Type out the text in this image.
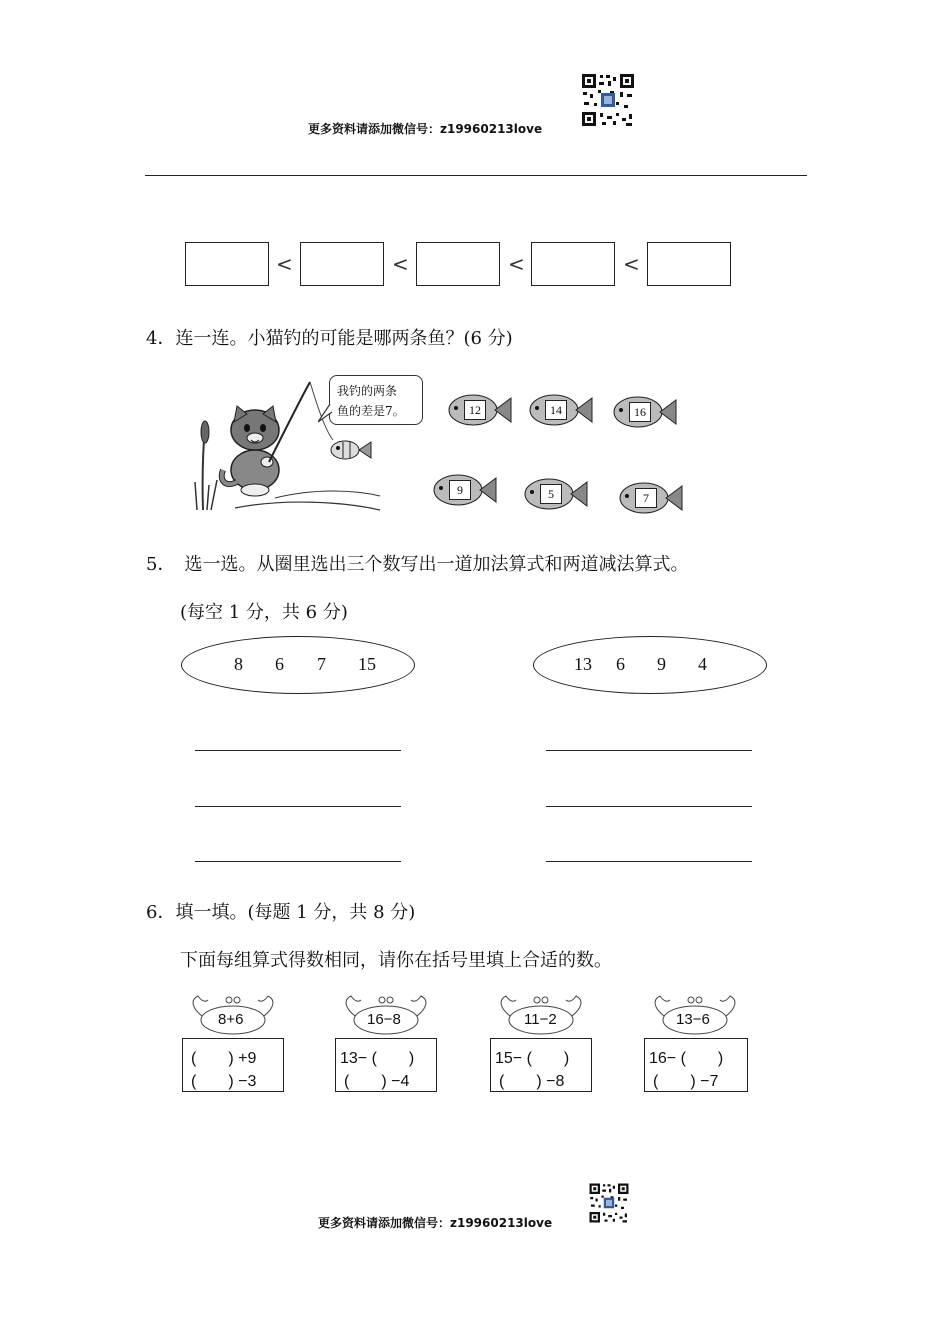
更多资料请添加微信号：z19960213love
<	<	<	<
4．连一连。小猫钓的可能是哪两条鱼？(6 分)
我钓的两条
鱼的差是7。	12	14	16
9	5	7
5．　选一选。从圈里选出三个数写出一道加法算式和两道减法算式。
(每空 1 分，共 6 分)
8 6 7 15	13 6 9 4
6．填一填。(每题 1 分，共 8 分)
下面每组算式得数相同，请你在括号里填上合适的数。
8+6
(　　) +9
(　　) −3
16−8
13− (　　)
(　　) −4
11−2
15− (　　)
(　　) −8
13−6
16− (　　)
(　　) −7
更多资料请添加微信号：z19960213love
